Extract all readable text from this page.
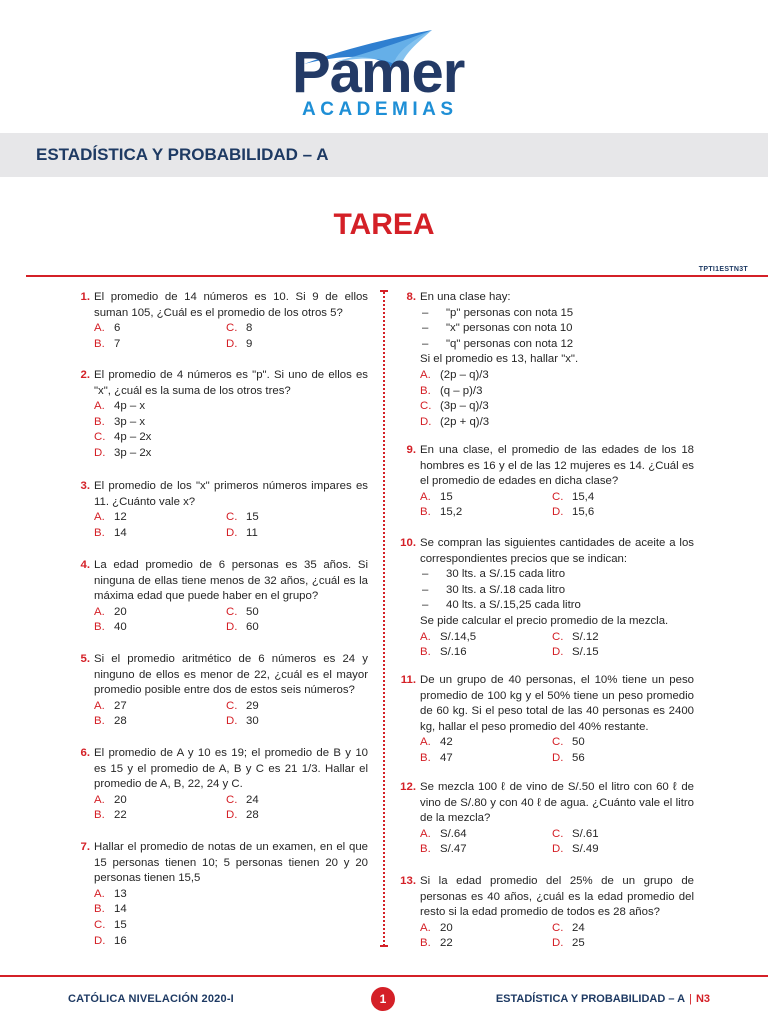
Pamer
ACADEMIAS
ESTADÍSTICA Y PROBABILIDAD – A
TAREA
TPTI1ESTN3T
1. El promedio de 14 números es 10. Si 9 de ellos suman 105, ¿Cuál es el promedio de los otros 5?
A. 6	C. 8
B. 7	D. 9
2. El promedio de 4 números es "p". Si uno de ellos es "x", ¿cuál es la suma de los otros tres?
A. 4p – x
B. 3p – x
C. 4p – 2x
D. 3p – 2x
3. El promedio de los "x" primeros números impares es 11. ¿Cuánto vale x?
A. 12	C. 15
B. 14	D. 11
4. La edad promedio de 6 personas es 35 años. Si ninguna de ellas tiene menos de 32 años, ¿cuál es la máxima edad que puede haber en el grupo?
A. 20	C. 50
B. 40	D. 60
5. Si el promedio aritmético de 6 números es 24 y ninguno de ellos es menor de 22, ¿cuál es el mayor promedio posible entre dos de estos seis números?
A. 27	C. 29
B. 28	D. 30
6. El promedio de A y 10 es 19; el promedio de B y 10 es 15 y el promedio de A, B y C es 21 1/3. Hallar el promedio de A, B, 22, 24 y C.
A. 20	C. 24
B. 22	D. 28
7. Hallar el promedio de notas de un examen, en el que 15 personas tienen 10; 5 personas tienen 20 y 20 personas tienen 15,5
A. 13
B. 14
C. 15
D. 16
8. En una clase hay:
–	"p" personas con nota 15
–	"x" personas con nota 10
–	"q" personas con nota 12
Si el promedio es 13, hallar "x".
A. (2p – q)/3
B. (q – p)/3
C. (3p – q)/3
D. (2p + q)/3
9. En una clase, el promedio de las edades de los 18 hombres es 16 y el de las 12 mujeres es 14. ¿Cuál es el promedio de edades en dicha clase?
A. 15	C. 15,4
B. 15,2	D. 15,6
10. Se compran las siguientes cantidades de aceite a los correspondientes precios que se indican:
–	30 lts. a S/.15 cada litro
–	30 lts. a S/.18 cada litro
–	40 lts. a S/.15,25 cada litro
Se pide calcular el precio promedio de la mezcla.
A. S/.14,5	C. S/.12
B. S/.16	D. S/.15
11. De un grupo de 40 personas, el 10% tiene un peso promedio de 100 kg y el 50% tiene un peso promedio de 60 kg. Si el peso total de las 40 personas es 2400 kg, hallar el peso promedio del 40% restante.
A. 42	C. 50
B. 47	D. 56
12. Se mezcla 100 ℓ de vino de S/.50 el litro con 60 ℓ de vino de S/.80 y con 40 ℓ de agua. ¿Cuánto vale el litro de la mezcla?
A. S/.64	C. S/.61
B. S/.47	D. S/.49
13. Si la edad promedio del 25% de un grupo de personas es 40 años, ¿cuál es la edad promedio del resto si la edad promedio de todos es 28 años?
A. 20	C. 24
B. 22	D. 25
CATÓLICA NIVELACIÓN 2020-I	1	ESTADÍSTICA Y PROBABILIDAD – A | N3
